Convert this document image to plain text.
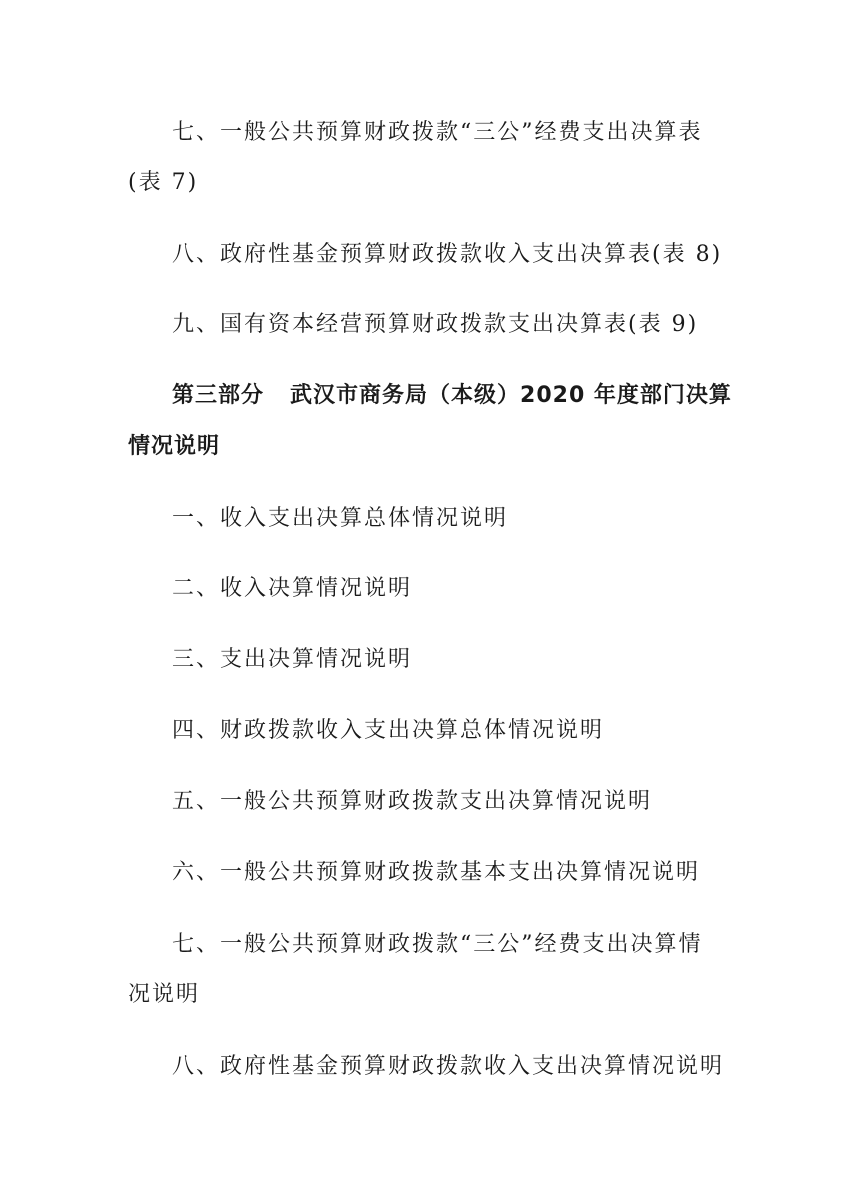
七、一般公共预算财政拨款“三公”经费支出决算表
(表 7)
八、政府性基金预算财政拨款收入支出决算表(表 8)
九、国有资本经营预算财政拨款支出决算表(表 9)
第三部分 武汉市商务局（本级）2020 年度部门决算
情况说明
一、收入支出决算总体情况说明
二、收入决算情况说明
三、支出决算情况说明
四、财政拨款收入支出决算总体情况说明
五、一般公共预算财政拨款支出决算情况说明
六、一般公共预算财政拨款基本支出决算情况说明
七、一般公共预算财政拨款“三公”经费支出决算情
况说明
八、政府性基金预算财政拨款收入支出决算情况说明
